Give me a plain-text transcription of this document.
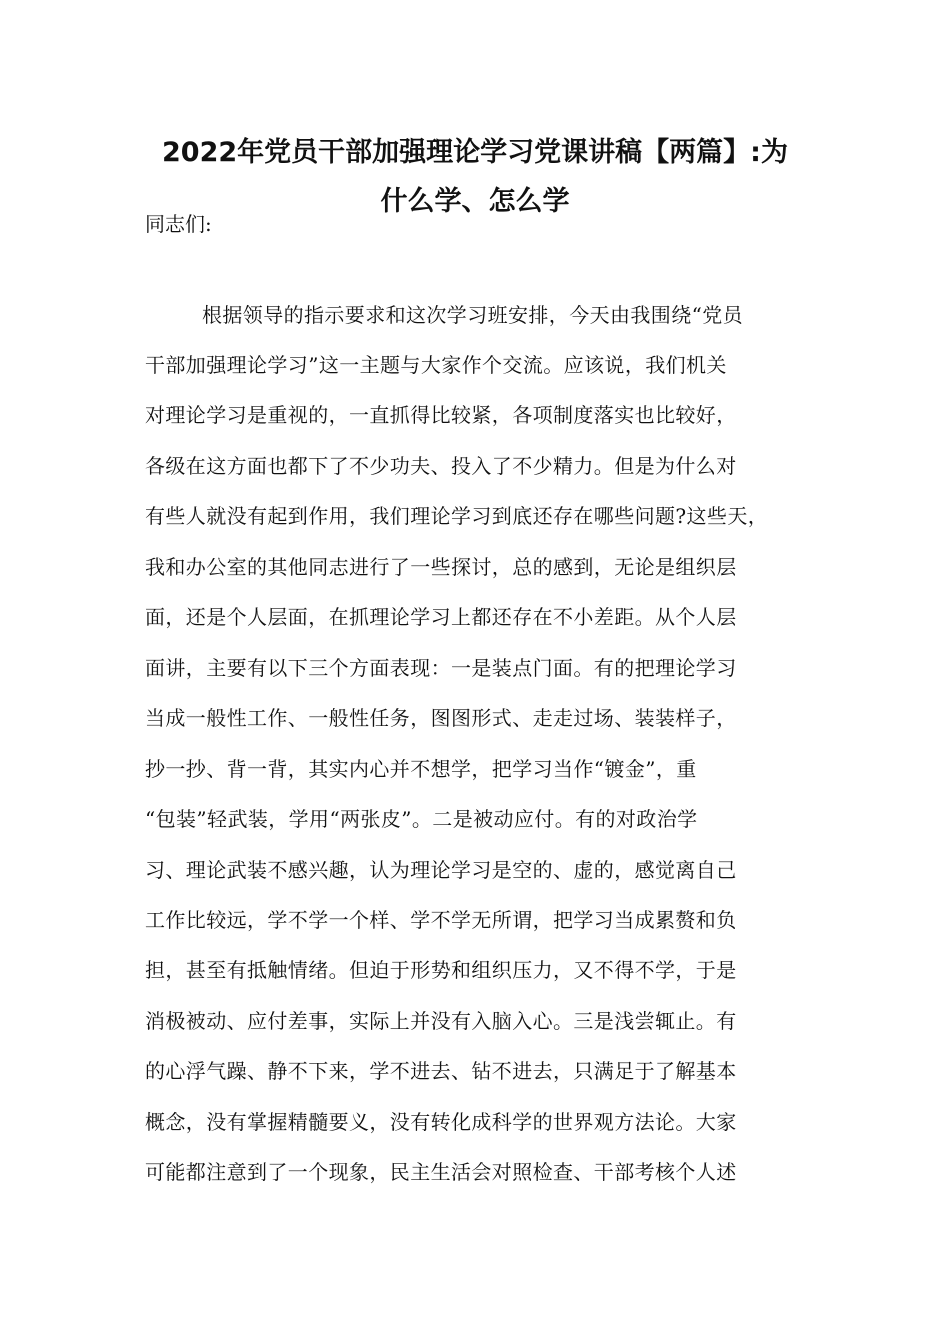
2022年党员干部加强理论学习党课讲稿【两篇】:为
什么学、怎么学
同志们:
根据领导的指示要求和这次学习班安排，今天由我围绕“党员
干部加强理论学习”这一主题与大家作个交流。应该说，我们机关
对理论学习是重视的，一直抓得比较紧，各项制度落实也比较好，
各级在这方面也都下了不少功夫、投入了不少精力。但是为什么对
有些人就没有起到作用，我们理论学习到底还存在哪些问题?这些天，
我和办公室的其他同志进行了一些探讨，总的感到，无论是组织层
面，还是个人层面，在抓理论学习上都还存在不小差距。从个人层
面讲，主要有以下三个方面表现：一是装点门面。有的把理论学习
当成一般性工作、一般性任务，图图形式、走走过场、装装样子，
抄一抄、背一背，其实内心并不想学，把学习当作“镀金”，重
“包装”轻武装，学用“两张皮”。二是被动应付。有的对政治学
习、理论武装不感兴趣，认为理论学习是空的、虚的，感觉离自己
工作比较远，学不学一个样、学不学无所谓，把学习当成累赘和负
担，甚至有抵触情绪。但迫于形势和组织压力，又不得不学，于是
消极被动、应付差事，实际上并没有入脑入心。三是浅尝辄止。有
的心浮气躁、静不下来，学不进去、钻不进去，只满足于了解基本
概念，没有掌握精髓要义，没有转化成科学的世界观方法论。大家
可能都注意到了一个现象，民主生活会对照检查、干部考核个人述
